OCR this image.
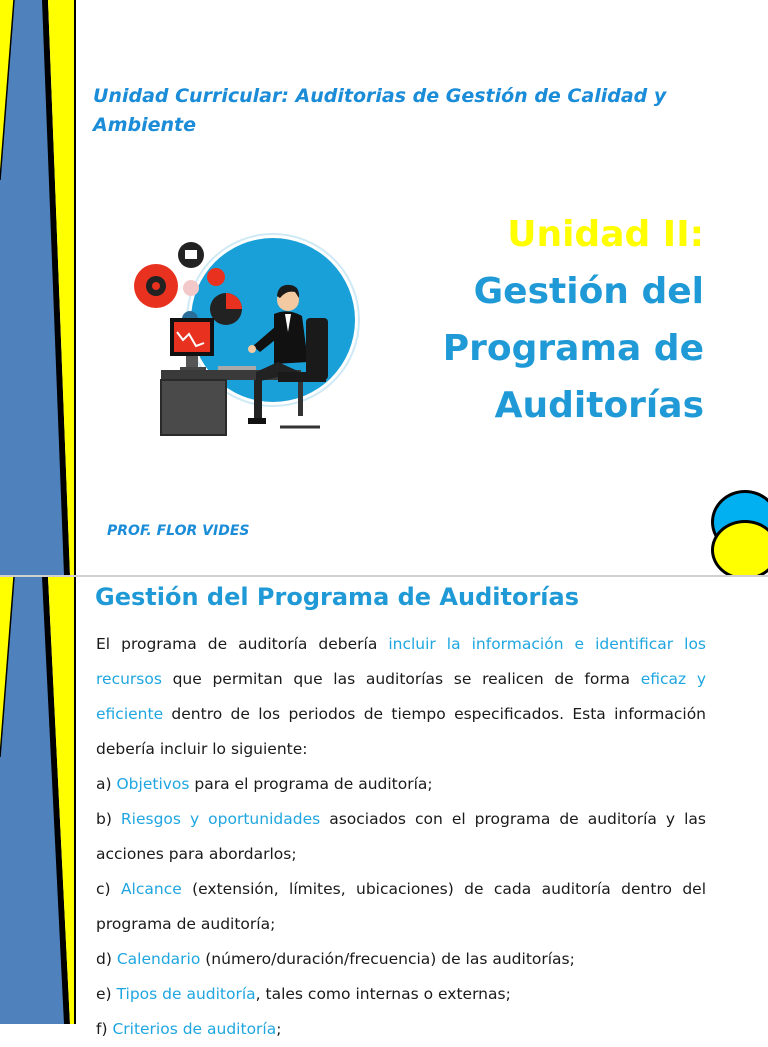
Unidad Curricular: Auditorias de Gestión de Calidad y
Ambiente
Unidad II:
Gestión del
Programa de
Auditorías
PROF. FLOR VIDES
Gestión del Programa de Auditorías

El programa de auditoría debería incluir la información e identificar los recursos que permitan que las auditorías se realicen de forma eficaz y eficiente dentro de los periodos de tiempo especificados. Esta información debería incluir lo siguiente:

a) Objetivos para el programa de auditoría;

b) Riesgos y oportunidades asociados con el programa de auditoría y las acciones para abordarlos;

c) Alcance (extensión, límites, ubicaciones) de cada auditoría dentro del programa de auditoría;

d) Calendario (número/duración/frecuencia) de las auditorías;

e) Tipos de auditoría, tales como internas o externas;

f) Criterios de auditoría;
